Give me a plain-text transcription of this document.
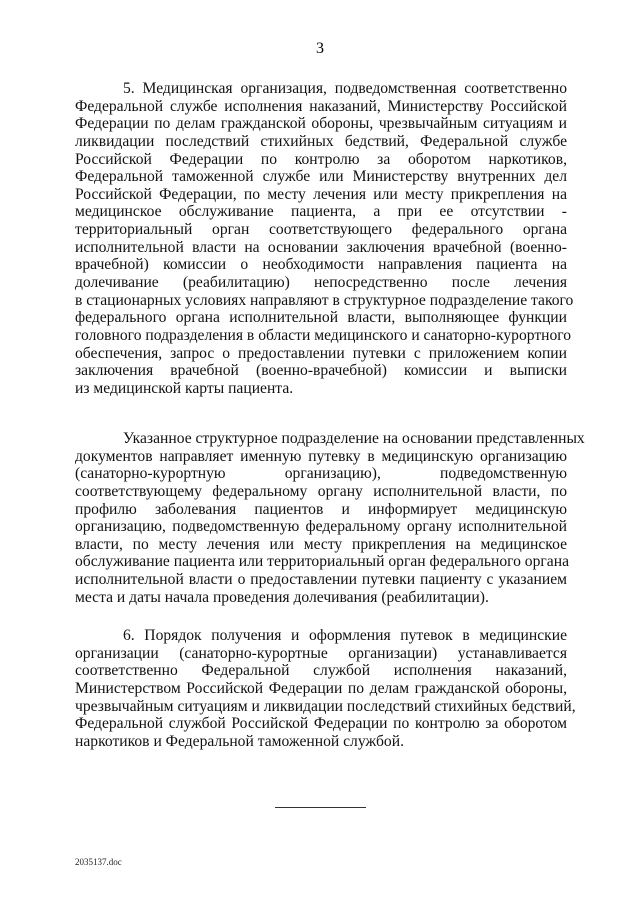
3
5. Медицинская организация, подведомственная соответственно
Федеральной службе исполнения наказаний, Министерству Российской
Федерации по делам гражданской обороны, чрезвычайным ситуациям и
ликвидации последствий стихийных бедствий, Федеральной службе
Российской Федерации по контролю за оборотом наркотиков,
Федеральной таможенной службе или Министерству внутренних дел
Российской Федерации, по месту лечения или месту прикрепления на
медицинское обслуживание пациента, а при ее отсутствии -
территориальный орган соответствующего федерального органа
исполнительной власти на основании заключения врачебной (военно-
врачебной) комиссии о необходимости направления пациента на
долечивание (реабилитацию) непосредственно после лечения
в стационарных условиях направляют в структурное подразделение такого
федерального органа исполнительной власти, выполняющее функции
головного подразделения в области медицинского и санаторно-курортного
обеспечения, запрос о предоставлении путевки с приложением копии
заключения врачебной (военно-врачебной) комиссии и выписки
из медицинской карты пациента.
Указанное структурное подразделение на основании представленных
документов направляет именную путевку в медицинскую организацию
(санаторно-курортную организацию), подведомственную
соответствующему федеральному органу исполнительной власти, по
профилю заболевания пациентов и информирует медицинскую
организацию, подведомственную федеральному органу исполнительной
власти, по месту лечения или месту прикрепления на медицинское
обслуживание пациента или территориальный орган федерального органа
исполнительной власти о предоставлении путевки пациенту с указанием
места и даты начала проведения долечивания (реабилитации).
6. Порядок получения и оформления путевок в медицинские
организации (санаторно-курортные организации) устанавливается
соответственно Федеральной службой исполнения наказаний,
Министерством Российской Федерации по делам гражданской обороны,
чрезвычайным ситуациям и ликвидации последствий стихийных бедствий,
Федеральной службой Российской Федерации по контролю за оборотом
наркотиков и Федеральной таможенной службой.
2035137.doc
